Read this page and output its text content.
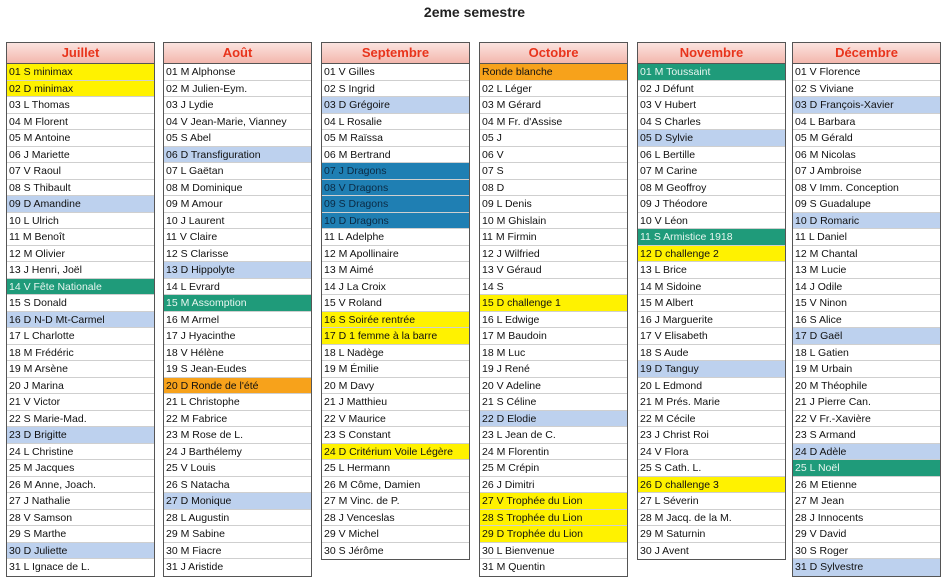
2eme semestre
Juillet
01 S minimax
02 D minimax
03 L Thomas
04 M Florent
05 M Antoine
06 J Mariette
07 V Raoul
08 S Thibault
09 D Amandine
10 L Ulrich
11 M Benoît
12 M Olivier
13 J Henri, Joël
14 V Fête Nationale
15 S Donald
16 D N-D Mt-Carmel
17 L Charlotte
18 M Frédéric
19 M Arsène
20 J Marina
21 V Victor
22 S Marie-Mad.
23 D Brigitte
24 L Christine
25 M Jacques
26 M Anne, Joach.
27 J Nathalie
28 V Samson
29 S Marthe
30 D Juliette
31 L Ignace de L.
Août
01 M Alphonse
02 M Julien-Eym.
03 J Lydie
04 V Jean-Marie, Vianney
05 S Abel
06 D Transfiguration
07 L Gaëtan
08 M Dominique
09 M Amour
10 J Laurent
11 V Claire
12 S Clarisse
13 D Hippolyte
14 L Evrard
15 M Assomption
16 M Armel
17 J Hyacinthe
18 V Hélène
19 S Jean-Eudes
20 D Ronde de l'été
21 L Christophe
22 M Fabrice
23 M Rose de L.
24 J Barthélemy
25 V Louis
26 S Natacha
27 D Monique
28 L Augustin
29 M Sabine
30 M Fiacre
31 J Aristide
Septembre
01 V Gilles
02 S Ingrid
03 D Grégoire
04 L Rosalie
05 M Raïssa
06 M Bertrand
07 J Dragons
08 V Dragons
09 S Dragons
10 D Dragons
11 L Adelphe
12 M Apollinaire
13 M Aimé
14 J La Croix
15 V Roland
16 S Soirée rentrée
17 D 1 femme à la barre
18 L Nadège
19 M Émilie
20 M Davy
21 J Matthieu
22 V Maurice
23 S Constant
24 D Critérium Voile Légère
25 L Hermann
26 M Côme, Damien
27 M Vinc. de P.
28 J Venceslas
29 V Michel
30 S Jérôme
Octobre
Ronde blanche
02 L Léger
03 M Gérard
04 M Fr. d'Assise
05 J
06 V
07 S
08 D
09 L Denis
10 M Ghislain
11 M Firmin
12 J Wilfried
13 V Géraud
14 S
15 D challenge 1
16 L Edwige
17 M Baudoin
18 M Luc
19 J René
20 V Adeline
21 S Céline
22 D Elodie
23 L Jean de C.
24 M Florentin
25 M Crépin
26 J Dimitri
27 V Trophée du Lion
28 S Trophée du Lion
29 D Trophée du Lion
30 L Bienvenue
31 M Quentin
Novembre
01 M Toussaint
02 J Défunt
03 V Hubert
04 S Charles
05 D Sylvie
06 L Bertille
07 M Carine
08 M Geoffroy
09 J Théodore
10 V Léon
11 S Armistice 1918
12 D challenge 2
13 L Brice
14 M Sidoine
15 M Albert
16 J Marguerite
17 V Elisabeth
18 S Aude
19 D Tanguy
20 L Edmond
21 M Prés. Marie
22 M Cécile
23 J Christ Roi
24 V Flora
25 S Cath. L.
26 D challenge 3
27 L Séverin
28 M Jacq. de la M.
29 M Saturnin
30 J Avent
Décembre
01 V Florence
02 S Viviane
03 D François-Xavier
04 L Barbara
05 M Gérald
06 M Nicolas
07 J Ambroise
08 V Imm. Conception
09 S Guadalupe
10 D Romaric
11 L Daniel
12 M Chantal
13 M Lucie
14 J Odile
15 V Ninon
16 S Alice
17 D Gaël
18 L Gatien
19 M Urbain
20 M Théophile
21 J Pierre Can.
22 V Fr.-Xavière
23 S Armand
24 D Adèle
25 L Noël
26 M Etienne
27 M Jean
28 J Innocents
29 V David
30 S Roger
31 D Sylvestre
